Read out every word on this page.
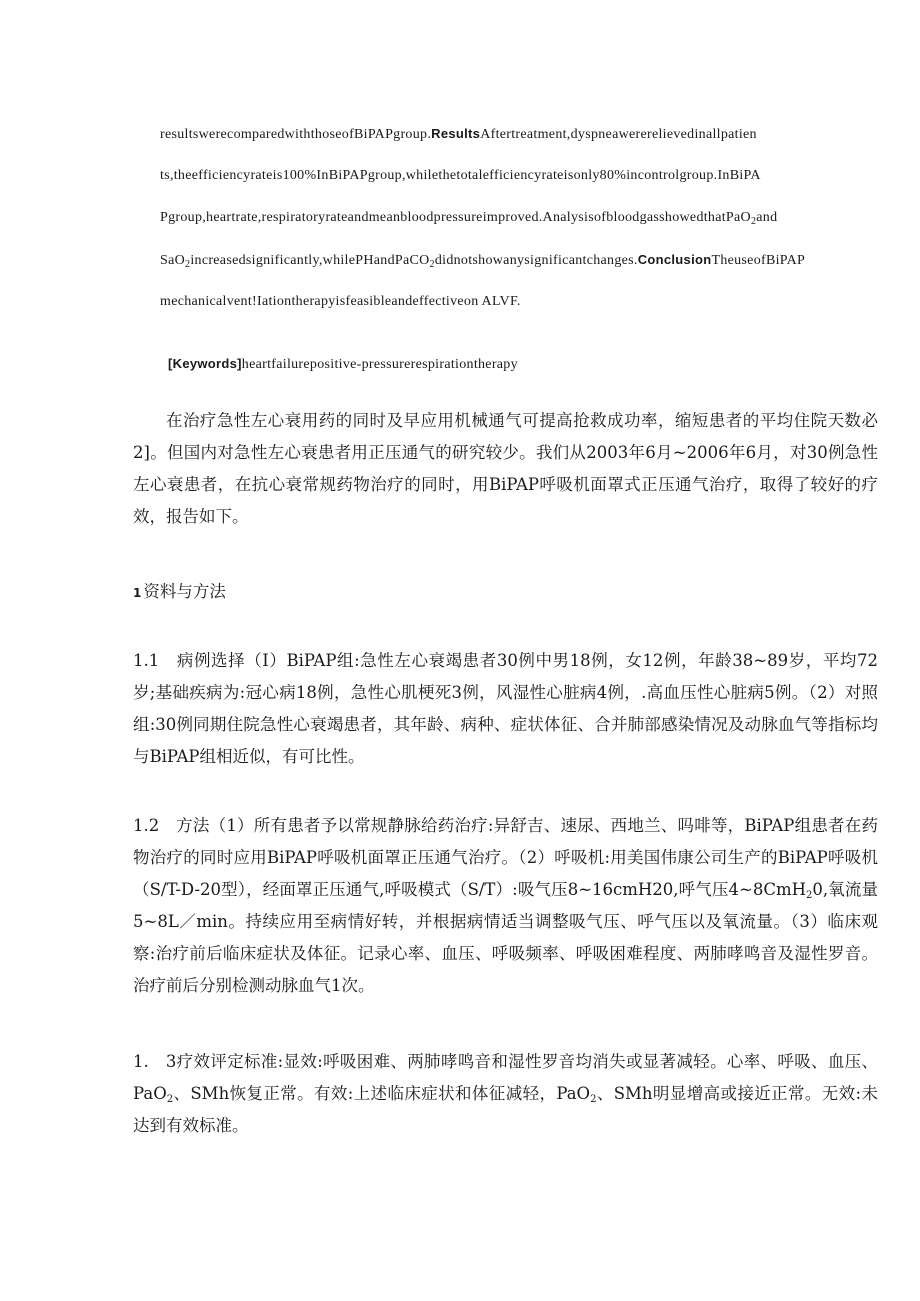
resultswerecomparedwiththoseofBiPAPgroup.ResultsAftertreatment,dyspneawererelievedinallpatien

ts,theefficiencyrateis100%InBiPAPgroup,whilethetotalefficiencyrateisonly80%incontrolgroup.InBiPA

Pgroup,heartrate,respiratoryrateandmeanbloodpressureimproved.AnalysisofbloodgasshowedthatPaO$_2$and

SaO$_2$increasedsignificantly,whilePHandPaCO$_2$didnotshowanysignificantchanges.ConclusionTheuseofBiPAP

mechanicalvent!Iationtherapyisfeasibleandeffectiveon ALVF.

[Keywords]heartfailurepositive-pressurerespirationtherapy

在治疗急性左心衰用药的同时及早应用机械通气可提高抢救成功率，缩短患者的平均住院天数必2]。但国内对急性左心衰患者用正压通气的研究较少。我们从2003年6月~2006年6月，对30例急性左心衰患者，在抗心衰常规药物治疗的同时，用BiPAP呼吸机面罩式正压通气治疗，取得了较好的疗效，报告如下。

1 资料与方法

1.1　病例选择（I）BiPAP组:急性左心衰竭患者30例中男18例，女12例，年龄38~89岁，平均72岁;基础疾病为:冠心病18例，急性心肌梗死3例，风湿性心脏病4例，.高血压性心脏病5例。（2）对照组:30例同期住院急性心衰竭患者，其年龄、病种、症状体征、合并肺部感染情况及动脉血气等指标均与BiPAP组相近似，有可比性。

1.2　方法（1）所有患者予以常规静脉给药治疗:异舒吉、速尿、西地兰、吗啡等，BiPAP组患者在药物治疗的同时应用BiPAP呼吸机面罩正压通气治疗。（2）呼吸机:用美国伟康公司生产的BiPAP呼吸机（S/T-D-20型），经面罩正压通气,呼吸模式（S/T）:吸气压8~16cmH20,呼气压4~8CmH$_2$0,氧流量5~8L／min。持续应用至病情好转，并根据病情适当调整吸气压、呼气压以及氧流量。（3）临床观察:治疗前后临床症状及体征。记录心率、血压、呼吸频率、呼吸困难程度、两肺哮鸣音及湿性罗音。治疗前后分别检测动脉血气1次。

1.　3疗效评定标准:显效:呼吸困难、两肺哮鸣音和湿性罗音均消失或显著减轻。心率、呼吸、血压、PaO$_2$、SMh恢复正常。有效:上述临床症状和体征减轻，PaO$_2$、SMh明显增高或接近正常。无效:未达到有效标准。
